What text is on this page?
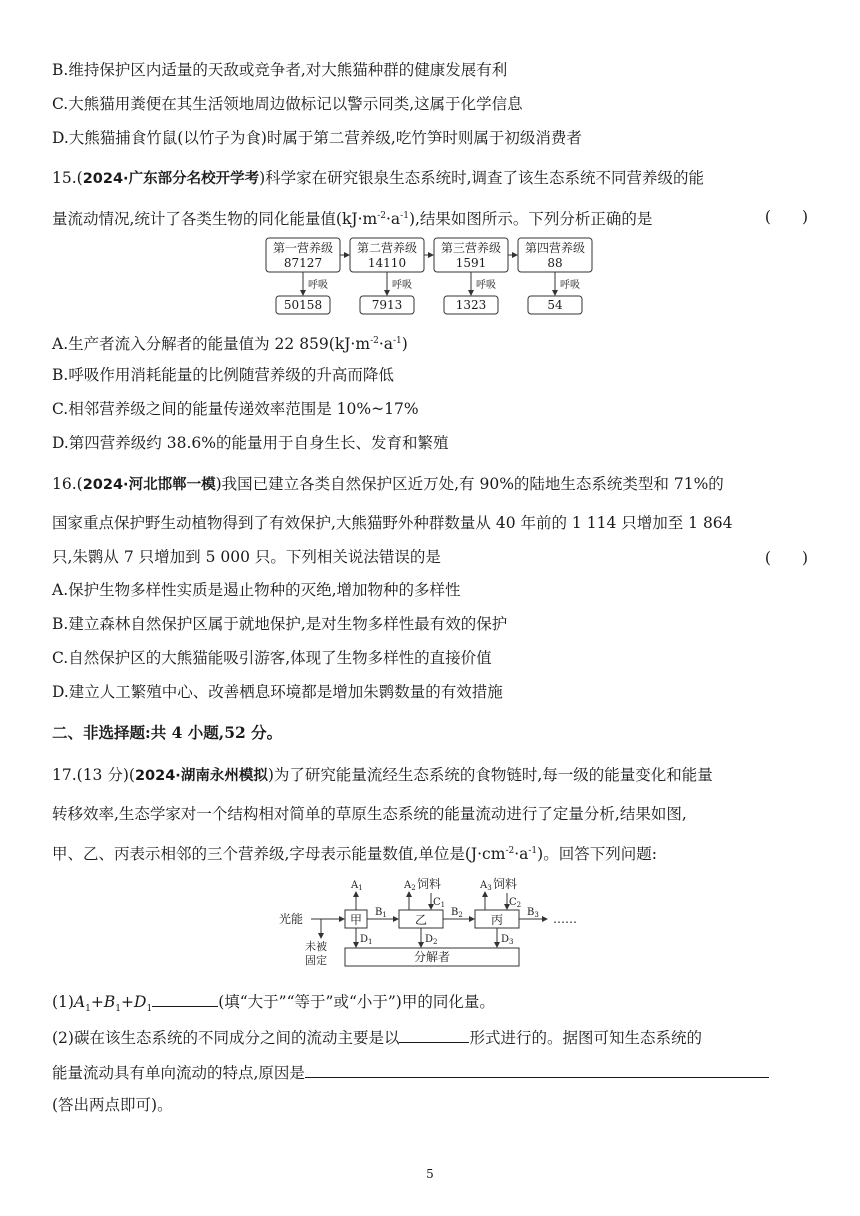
B.维持保护区内适量的天敌或竞争者,对大熊猫种群的健康发展有利
C.大熊猫用粪便在其生活领地周边做标记以警示同类,这属于化学信息
D.大熊猫捕食竹鼠(以竹子为食)时属于第二营养级,吃竹笋时则属于初级消费者
15.(2024·广东部分名校开学考)科学家在研究银泉生态系统时,调查了该生态系统不同营养级的能
量流动情况,统计了各类生物的同化能量值$(kJ\cdot m^{-2}\cdot a^{-1})$,结果如图所示。下列分析正确的是	(　　)
第一营养级
87127
第二营养级
14110
第三营养级
1591
第四营养级
88
呼吸	呼吸	呼吸	呼吸
50158	7913	1323	54
A.生产者流入分解者的能量值为 22 $859(kJ\cdot m^{-2}\cdot a^{-1})$
B.呼吸作用消耗能量的比例随营养级的升高而降低
C.相邻营养级之间的能量传递效率范围是 10%~17%
D.第四营养级约 38.6%的能量用于自身生长、发育和繁殖
16.(2024·河北邯郸一模)我国已建立各类自然保护区近万处,有 90%的陆地生态系统类型和 71%的
国家重点保护野生动植物得到了有效保护,大熊猫野外种群数量从 40 年前的 1 114 只增加至 1 864
只,朱鹮从 7 只增加到 5 000 只。下列相关说法错误的是	(　　)
A.保护生物多样性实质是遏止物种的灭绝,增加物种的多样性
B.建立森林自然保护区属于就地保护,是对生物多样性最有效的保护
C.自然保护区的大熊猫能吸引游客,体现了生物多样性的直接价值
D.建立人工繁殖中心、改善栖息环境都是增加朱鹮数量的有效措施
二、非选择题:共 4 小题,52 分。
17.(13 分)(2024·湖南永州模拟)为了研究能量流经生态系统的食物链时,每一级的能量变化和能量
转移效率,生态学家对一个结构相对简单的草原生态系统的能量流动进行了定量分析,结果如图,
甲、乙、丙表示相邻的三个营养级,字母表示能量数值,单位是$(J\cdot cm^{-2}\cdot a^{-1})$。回答下列问题:
光能
未被
固定
甲	乙	丙
分解者
饲料	饲料
……
$A_1$	$A_2$	$A_3$
$C_1$	$C_2$
$B_1$	$B_2$	$B_3$
$D_1$	$D_2$	$D_3$
$(1)A_1+B_1+D_1$	(填“大于”“等于”或“小于”)甲的同化量。
(2)碳在该生态系统的不同成分之间的流动主要是以	形式进行的。据图可知生态系统的
能量流动具有单向流动的特点,原因是
(答出两点即可)。
5
